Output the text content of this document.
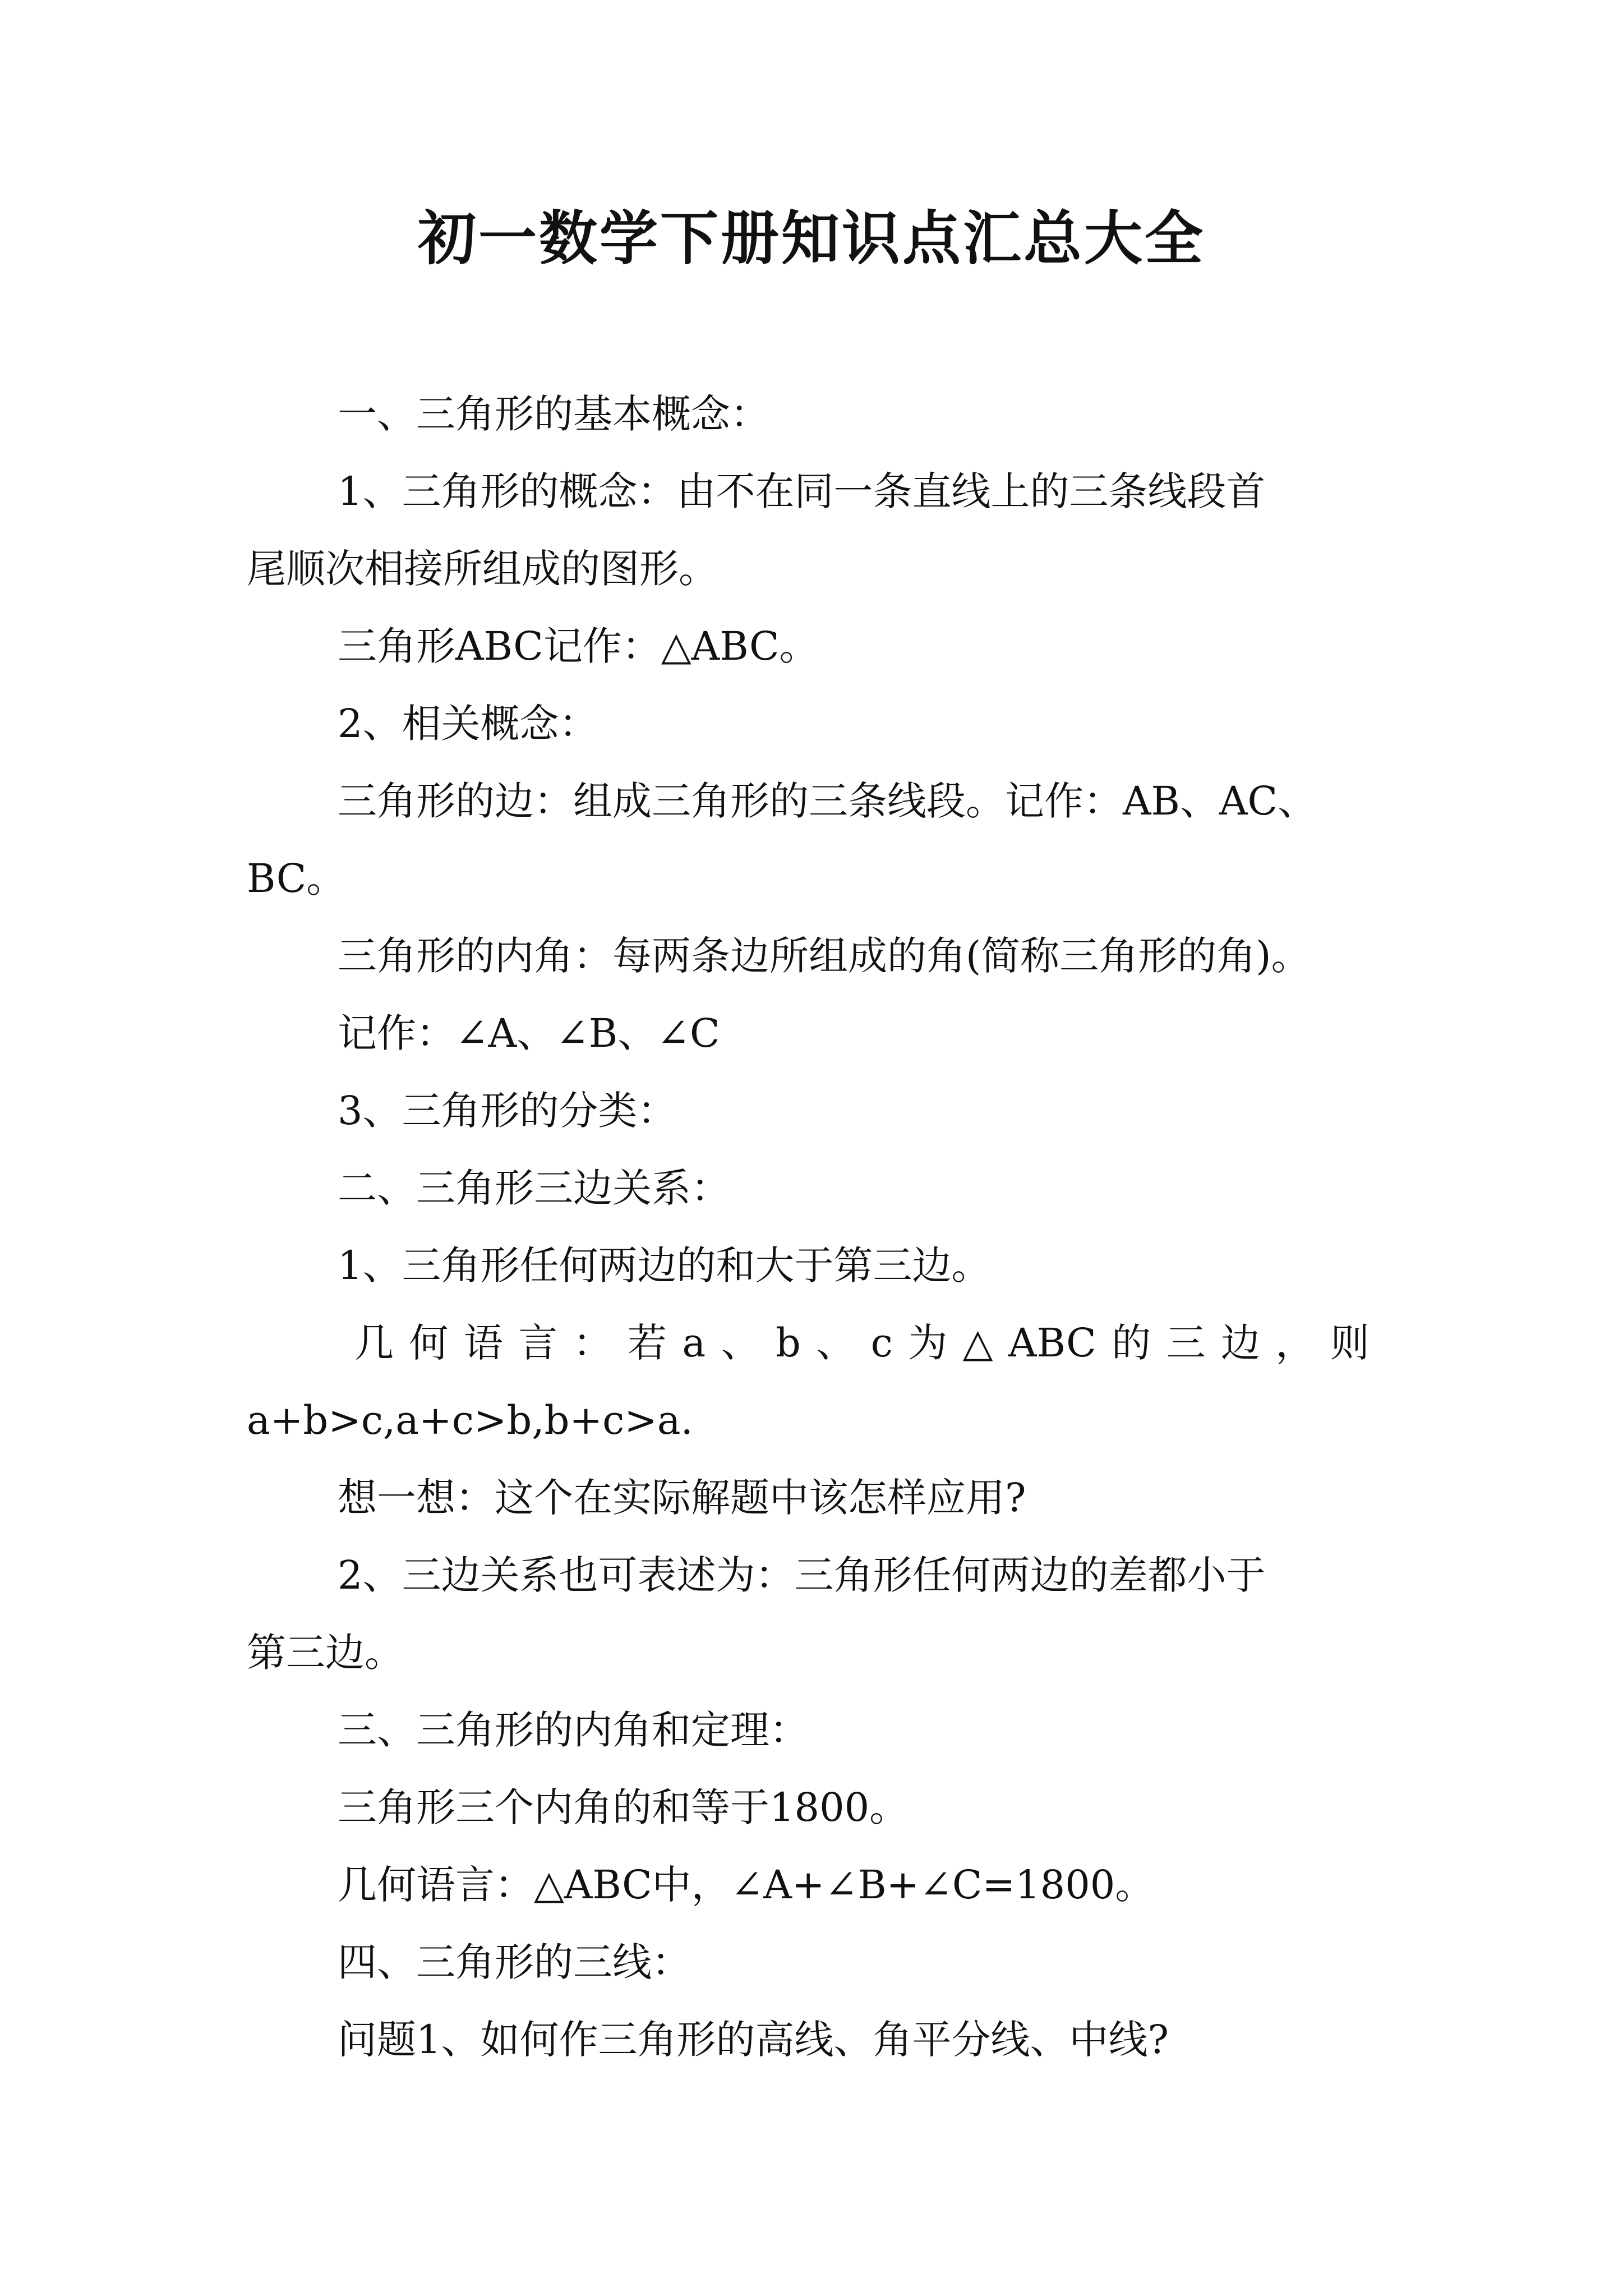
初一数学下册知识点汇总大全

一、三角形的基本概念：

1、三角形的概念：由不在同一条直线上的三条线段首

尾顺次相接所组成的图形。

三角形ABC记作：△ABC。

2、相关概念：

三角形的边：组成三角形的三条线段。记作：AB、AC、

BC。

三角形的内角：每两条边所组成的角(简称三角形的角)。

记作：∠A、∠B、∠C

3、三角形的分类：

二、三角形三边关系：

1、三角形任何两边的和大于第三边。

几 何 语 言 ： 若 a 、 b 、 c 为 △ ABC 的 三 边 ， 则

a+b>c,a+c>b,b+c>a.

想一想：这个在实际解题中该怎样应用?

2、三边关系也可表述为：三角形任何两边的差都小于

第三边。

三、三角形的内角和定理：

三角形三个内角的和等于1800。

几何语言：△ABC中，∠A+∠B+∠C=1800。

四、三角形的三线：

问题1、如何作三角形的高线、角平分线、中线?
